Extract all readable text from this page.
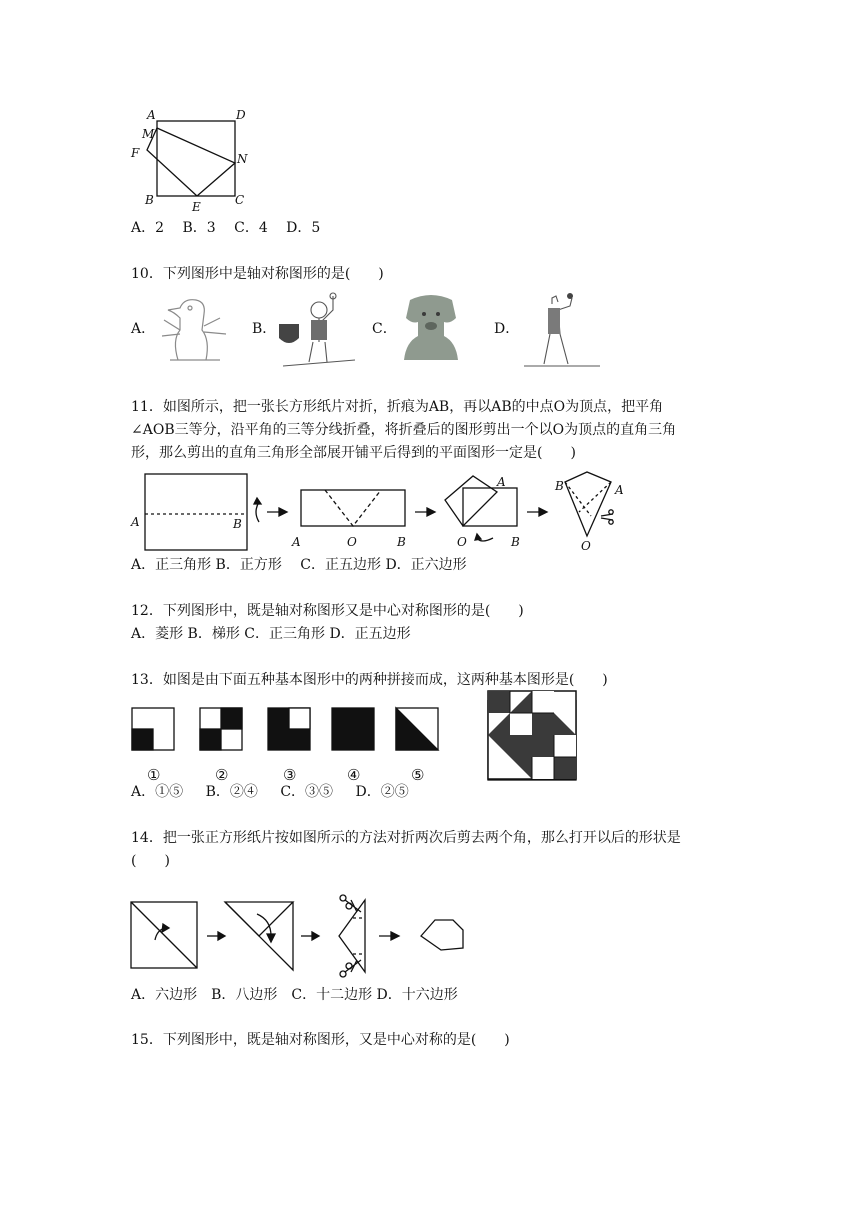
A	D
M
F	N
B	E	C
A．2　 B．3　 C．4　 D．5
10．下列图形中是轴对称图形的是(　　)
A．	B．	C．	D．
11．如图所示，把一张长方形纸片对折，折痕为AB，再以AB的中点O为顶点，把平角
∠AOB三等分，沿平角的三等分线折叠，将折叠后的图形剪出一个以O为顶点的直角三角
形，那么剪出的直角三角形全部展开铺平后得到的平面图形一定是(　　)
A	B
A	O	B
A
O	B
B	A
O
A．正三角形 B．正方形　 C．正五边形 D．正六边形
12．下列图形中，既是轴对称图形又是中心对称图形的是(　　)
A．菱形 B．梯形 C．正三角形 D．正五边形
13．如图是由下面五种基本图形中的两种拼接而成，这两种基本图形是(　　)
①	②	③	④	⑤
A．①⑤ B．②④ C．③⑤ D．②⑤
14．把一张正方形纸片按如图所示的方法对折两次后剪去两个角，那么打开以后的形状是
(　　)
A．六边形　B．八边形　C．十二边形 D．十六边形
15．下列图形中，既是轴对称图形，又是中心对称的是(　　)
